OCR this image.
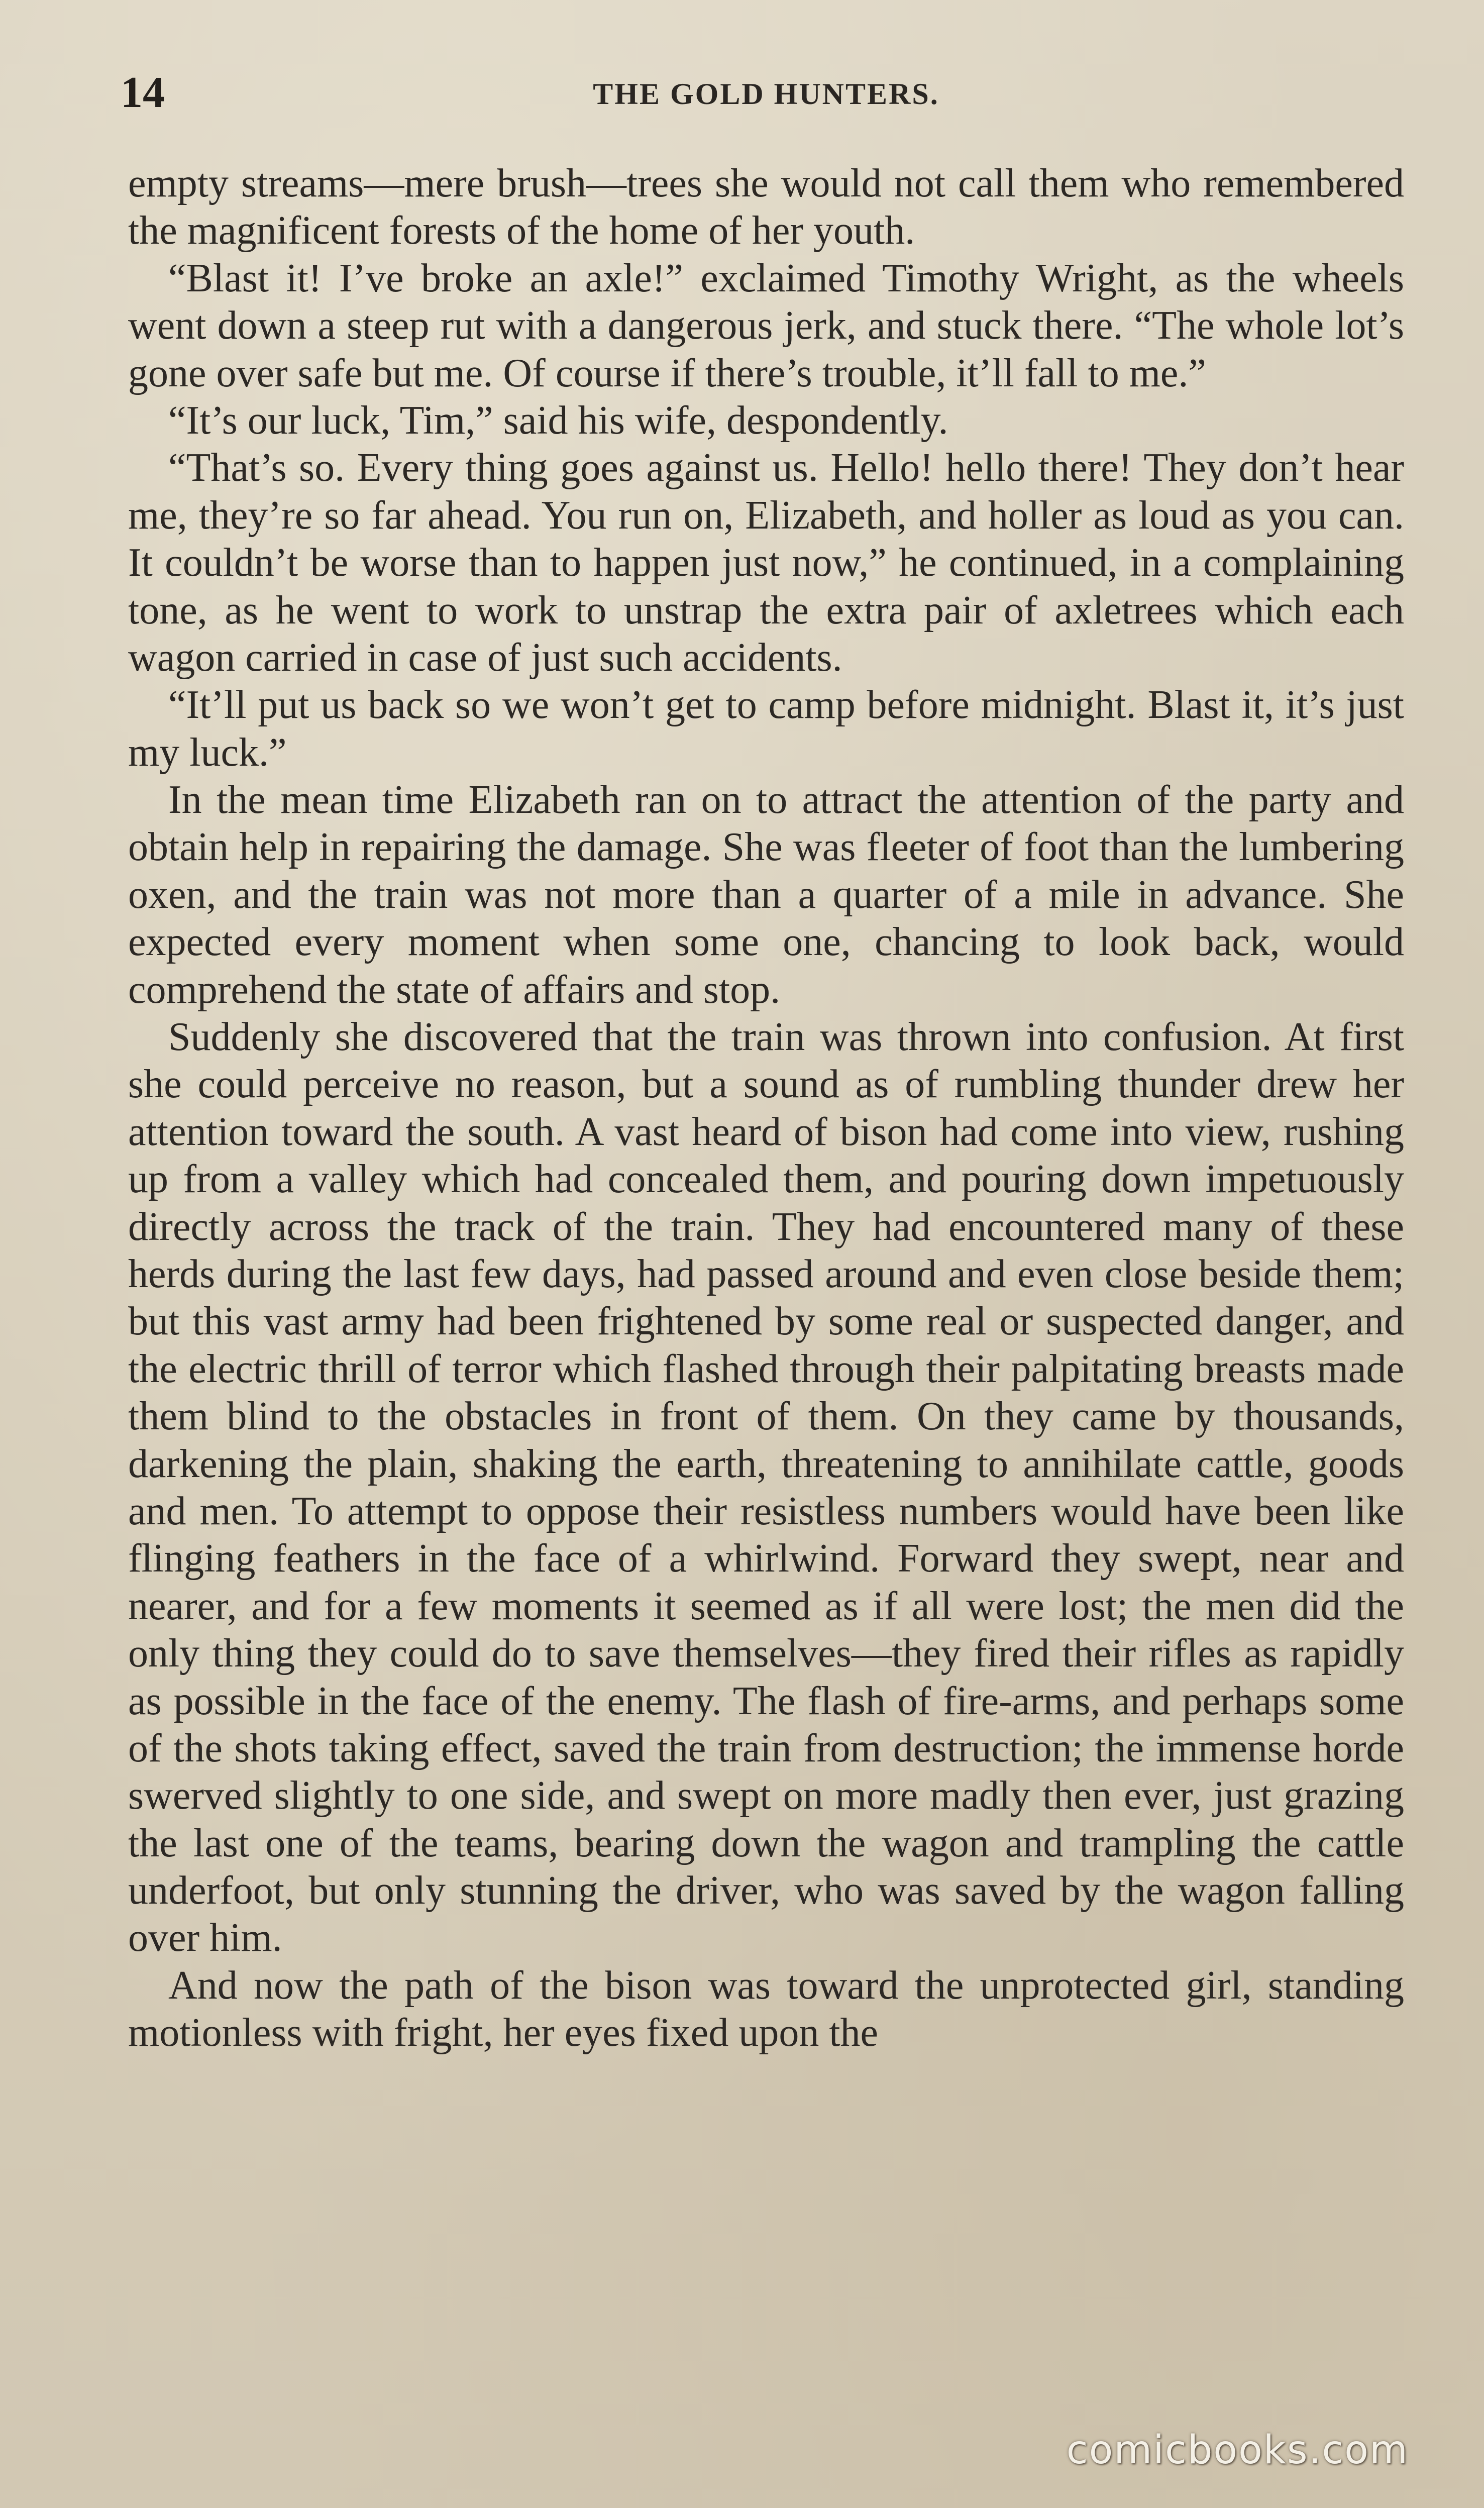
14	THE GOLD HUNTERS.

empty streams—mere brush—trees she would not call them who remembered the magnificent forests of the home of her youth.

“Blast it! I’ve broke an axle!” exclaimed Timothy Wright, as the wheels went down a steep rut with a dangerous jerk, and stuck there. “The whole lot’s gone over safe but me. Of course if there’s trouble, it’ll fall to me.”

“It’s our luck, Tim,” said his wife, despondently.

“That’s so. Every thing goes against us. Hello! hello there! They don’t hear me, they’re so far ahead. You run on, Elizabeth, and holler as loud as you can. It couldn’t be worse than to happen just now,” he continued, in a complaining tone, as he went to work to unstrap the extra pair of axletrees which each wagon carried in case of just such accidents.

“It’ll put us back so we won’t get to camp before midnight. Blast it, it’s just my luck.”

In the mean time Elizabeth ran on to attract the attention of the party and obtain help in repairing the damage. She was fleeter of foot than the lumbering oxen, and the train was not more than a quarter of a mile in advance. She expected every moment when some one, chancing to look back, would comprehend the state of affairs and stop.

Suddenly she discovered that the train was thrown into confusion. At first she could perceive no reason, but a sound as of rumbling thunder drew her attention toward the south. A vast heard of bison had come into view, rushing up from a valley which had concealed them, and pouring down impetuously directly across the track of the train. They had encountered many of these herds during the last few days, had passed around and even close beside them; but this vast army had been frightened by some real or suspected danger, and the electric thrill of terror which flashed through their palpitating breasts made them blind to the obstacles in front of them. On they came by thousands, darkening the plain, shaking the earth, threatening to annihilate cattle, goods and men. To attempt to oppose their resistless numbers would have been like flinging feathers in the face of a whirlwind. Forward they swept, near and nearer, and for a few moments it seemed as if all were lost; the men did the only thing they could do to save themselves—they fired their rifles as rapidly as possible in the face of the enemy. The flash of fire-arms, and perhaps some of the shots taking effect, saved the train from destruction; the immense horde swerved slightly to one side, and swept on more madly then ever, just grazing the last one of the teams, bearing down the wagon and trampling the cattle underfoot, but only stunning the driver, who was saved by the wagon falling over him.

And now the path of the bison was toward the unprotected girl, standing motionless with fright, her eyes fixed upon the

comicbooks.com
